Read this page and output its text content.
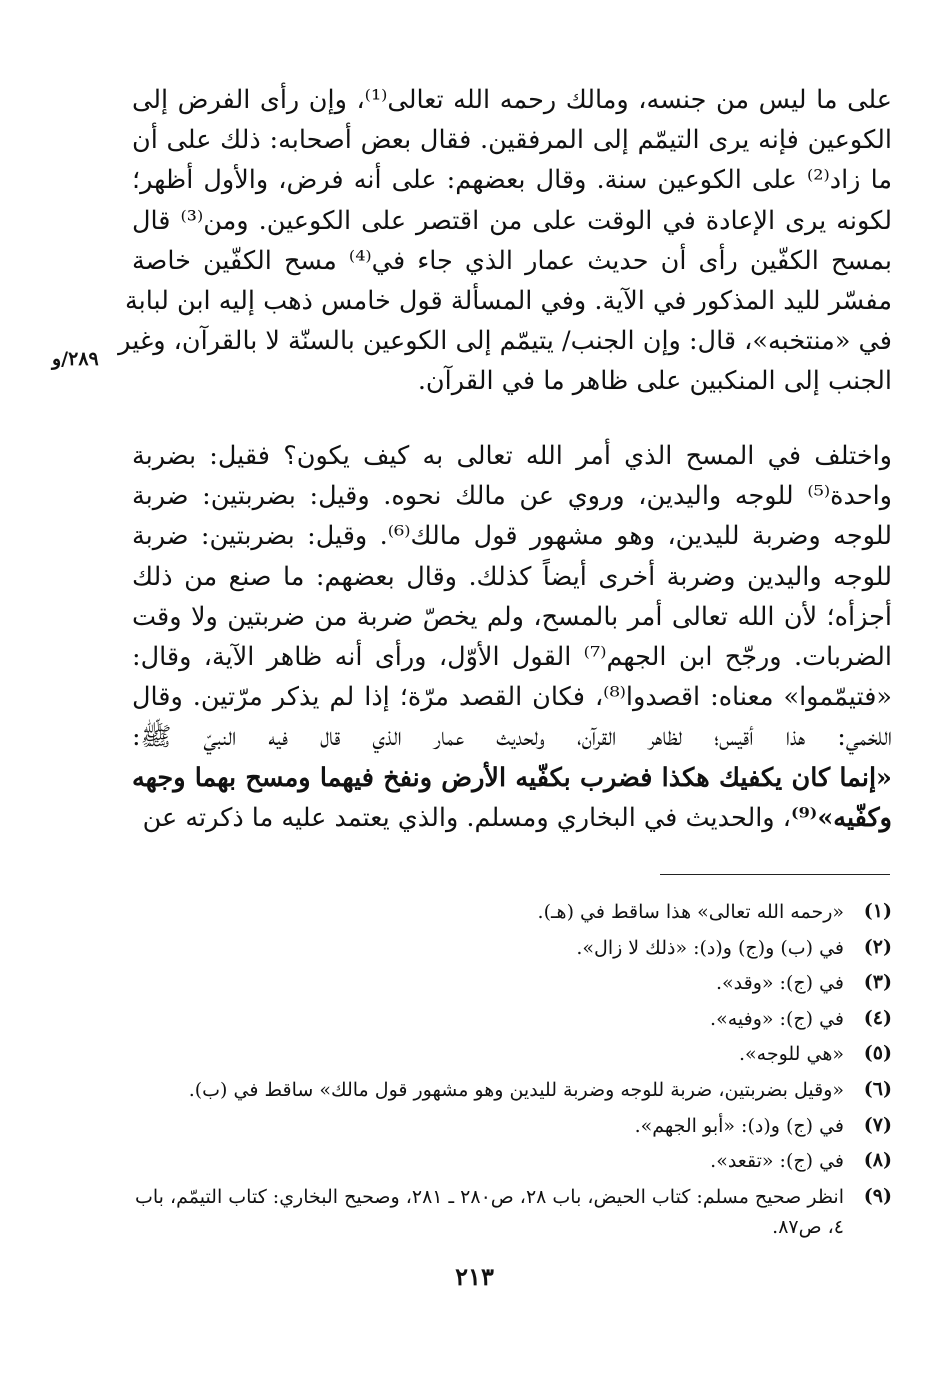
على ما ليس من جنسه، ومالك رحمه الله تعالى⁽¹⁾، وإن رأى الفرض إلى
الكوعين فإنه يرى التيمّم إلى المرفقين. فقال بعض أصحابه: ذلك على أن
ما زاد⁽²⁾ على الكوعين سنة. وقال بعضهم: على أنه فرض، والأول أظهر؛
لكونه يرى الإعادة في الوقت على من اقتصر على الكوعين. ومن⁽³⁾ قال
بمسح الكفّين رأى أن حديث عمار الذي جاء في⁽⁴⁾ مسح الكفّين خاصة
مفسّر لليد المذكور في الآية. وفي المسألة قول خامس ذهب إليه ابن لبابة
في «منتخبه»، قال: وإن الجنب/ يتيمّم إلى الكوعين بالسنّة لا بالقرآن، وغير
الجنب إلى المنكبين على ظاهر ما في القرآن.
٢٨٩/و
واختلف في المسح الذي أمر الله تعالى به كيف يكون؟ فقيل: بضربة
واحدة⁽⁵⁾ للوجه واليدين، وروي عن مالك نحوه. وقيل: بضربتين: ضربة
للوجه وضربة لليدين، وهو مشهور قول مالك⁽⁶⁾. وقيل: بضربتين: ضربة
للوجه واليدين وضربة أخرى أيضاً كذلك. وقال بعضهم: ما صنع من ذلك
أجزأه؛ لأن الله تعالى أمر بالمسح، ولم يخصّ ضربة من ضربتين ولا وقت
الضربات. ورجّح ابن الجهم⁽⁷⁾ القول الأوّل، ورأى أنه ظاهر الآية، وقال:
«فتيمّموا» معناه: اقصدوا⁽⁸⁾، فكان القصد مرّة؛ إذا لم يذكر مرّتين. وقال
اللخمي: هذا أقيس؛ لظاهر القرآن، ولحديث عمار الذي قال فيه النبيّ ﷺ:
«إنما كان يكفيك هكذا فضرب بكفّيه الأرض ونفخ فيهما ومسح بهما وجهه
وكفّيه»⁽⁹⁾، والحديث في البخاري ومسلم. والذي يعتمد عليه ما ذكرته عن
(١)
«رحمه الله تعالى» هذا ساقط في (هـ).
(٢)
في (ب) و(ج) و(د): «ذلك لا زال».
(٣)
في (ج): «وقد».
(٤)
في (ج): «وفيه».
(٥)
«هي للوجه».
(٦)
«وقيل بضربتين، ضربة للوجه وضربة لليدين وهو مشهور قول مالك» ساقط في (ب).
(٧)
في (ج) و(د): «أبو الجهم».
(٨)
في (ج): «تقعد».
(٩)
انظر صحيح مسلم: كتاب الحيض، باب ٢٨، ص٢٨٠ ـ ٢٨١، وصحيح البخاري: كتاب التيمّم، باب ٤، ص٨٧.
٢١٣
